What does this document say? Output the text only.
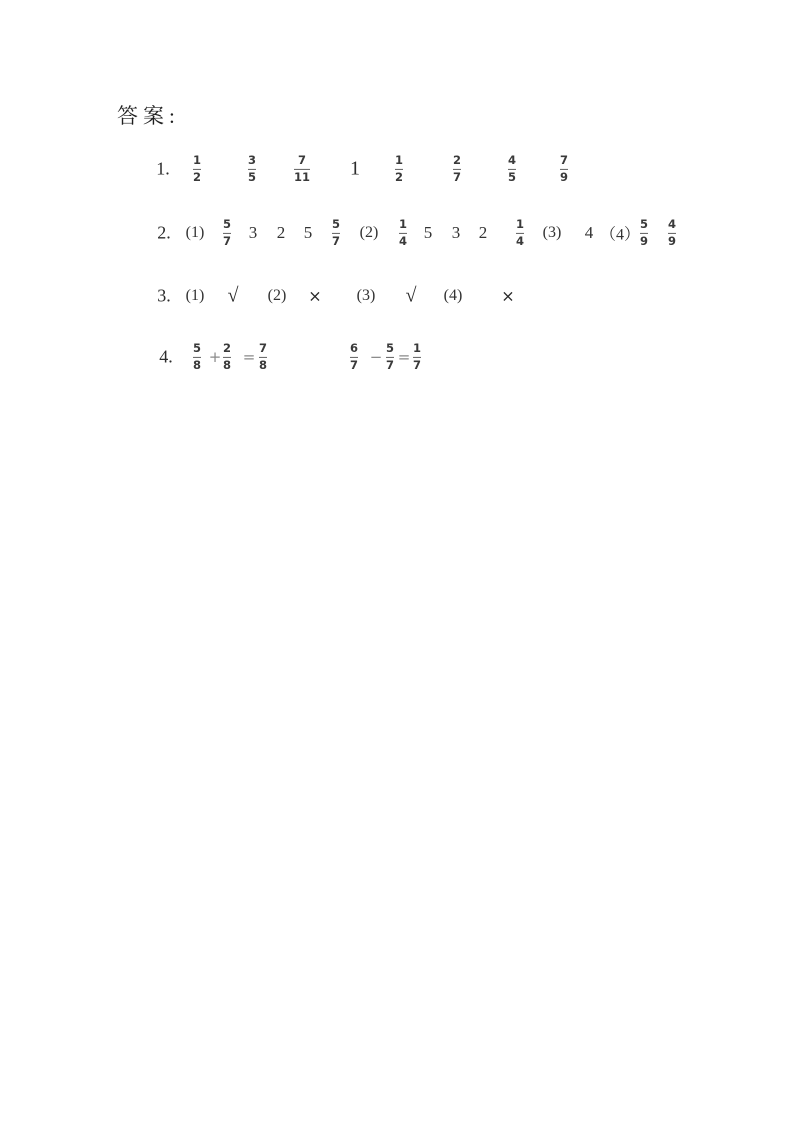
答案:
1. 1
2
3
5
7
11 1	1
2
2
7
4
5
7
9
2. (1)
5
7 3 2 5 5
7
(2)
1
4 5 3 2 1
4
(3) 4 （4）
5
9
4
9
3. (1) √ (2) × (3) √ (4) ×
4. 5
8 +
2
8 =
7
8
6
7 −
5
7 =
1
7
